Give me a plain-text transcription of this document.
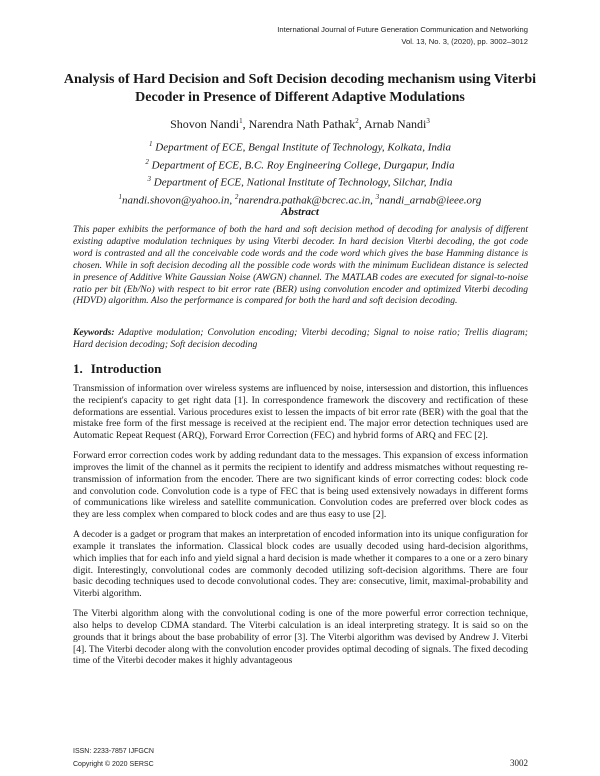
International Journal of Future Generation Communication and Networking
Vol. 13, No. 3, (2020), pp. 3002–3012
Analysis of Hard Decision and Soft Decision decoding mechanism using Viterbi Decoder in Presence of Different Adaptive Modulations
Shovon Nandi$^1$, Narendra Nath Pathak$^2$, Arnab Nandi$^3$
$^1$ Department of ECE, Bengal Institute of Technology, Kolkata, India
$^2$ Department of ECE, B.C. Roy Engineering College, Durgapur, India
$^3$ Department of ECE, National Institute of Technology, Silchar, India
$^1$nandi.shovon@yahoo.in, $^2$narendra.pathak@bcrec.ac.in, $^3$nandi_arnab@ieee.org
Abstract

This paper exhibits the performance of both the hard and soft decision method of decoding for analysis of different existing adaptive modulation techniques by using Viterbi decoder. In hard decision Viterbi decoding, the got code word is contrasted and all the conceivable code words and the code word which gives the base Hamming distance is chosen. While in soft decision decoding all the possible code words with the minimum Euclidean distance is selected in presence of Additive White Gaussian Noise (AWGN) channel. The MATLAB codes are executed for signal-to-noise ratio per bit (Eb/No) with respect to bit error rate (BER) using convolution encoder and optimized Viterbi decoding (HDVD) algorithm. Also the performance is compared for both the hard and soft decision decoding.

Keywords: Adaptive modulation; Convolution encoding; Viterbi decoding; Signal to noise ratio; Trellis diagram; Hard decision decoding; Soft decision decoding

1. Introduction

Transmission of information over wireless systems are influenced by noise, intersession and distortion, this influences the recipient's capacity to get right data [1]. In correspondence framework the discovery and rectification of these deformations are essential. Various procedures exist to lessen the impacts of bit error rate (BER) with the goal that the mistake free form of the first message is received at the recipient end. The major error detection techniques used are Automatic Repeat Request (ARQ), Forward Error Correction (FEC) and hybrid forms of ARQ and FEC [2].

Forward error correction codes work by adding redundant data to the messages. This expansion of excess information improves the limit of the channel as it permits the recipient to identify and address mismatches without requesting re-transmission of information from the encoder. There are two significant kinds of error correcting codes: block code and convolution code. Convolution code is a type of FEC that is being used extensively nowadays in different forms of communications like wireless and satellite communication. Convolution codes are preferred over block codes as they are less complex when compared to block codes and are thus easy to use [2].

A decoder is a gadget or program that makes an interpretation of encoded information into its unique configuration for example it translates the information. Classical block codes are usually decoded using hard-decision algorithms, which implies that for each info and yield signal a hard decision is made whether it compares to a one or a zero binary digit. Interestingly, convolutional codes are commonly decoded utilizing soft-decision algorithms. There are four basic decoding techniques used to decode convolutional codes. They are: consecutive, limit, maximal-probability and Viterbi algorithm.

The Viterbi algorithm along with the convolutional coding is one of the more powerful error correction technique, also helps to develop CDMA standard. The Viterbi calculation is an ideal interpreting strategy. It is said so on the grounds that it brings about the base probability of error [3]. The Viterbi algorithm was devised by Andrew J. Viterbi [4]. The Viterbi decoder along with the convolution encoder provides optimal decoding of signals. The fixed decoding time of the Viterbi decoder makes it highly advantageous

ISSN: 2233-7857 IJFGCN
Copyright © 2020 SERSC	3002
